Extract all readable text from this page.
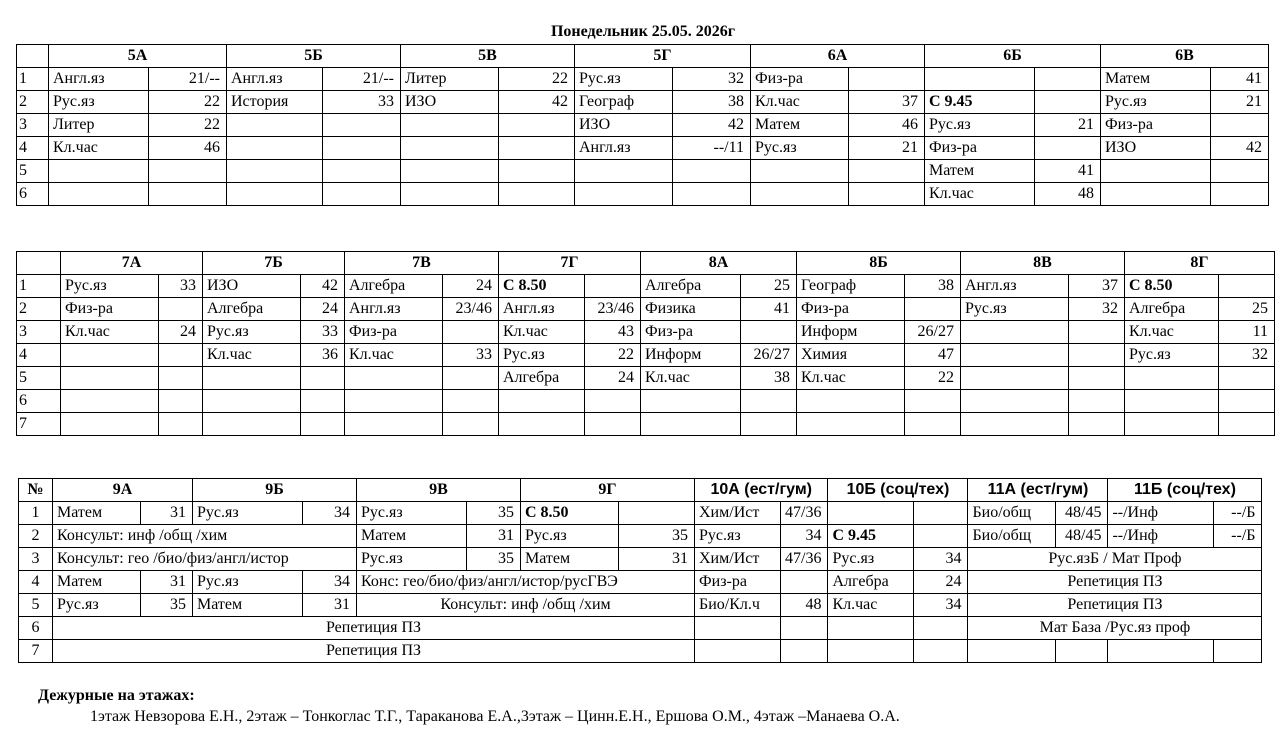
Понедельник 25.05. 2026г
	5А		5Б		5В		5Г		6А		6Б		6В	
1	Англ.яз	21/--	Англ.яз	21/--	Литер	22	Рус.яз	32	Физ-ра				Матем	41
2	Рус.яз	22	История	33	ИЗО	42	Географ	38	Кл.час	37	С 9.45		Рус.яз	21
3	Литер	22					ИЗО	42	Матем	46	Рус.яз	21	Физ-ра	
4	Кл.час	46					Англ.яз	--/11	Рус.яз	21	Физ-ра		ИЗО	42
5											Матем	41		
6											Кл.час	48		
	7А		7Б		7В		7Г		8А		8Б		8В		8Г	
1	Рус.яз	33	ИЗО	42	Алгебра	24	С 8.50		Алгебра	25	Географ	38	Англ.яз	37	С 8.50	
2	Физ-ра		Алгебра	24	Англ.яз	23/46	Англ.яз	23/46	Физика	41	Физ-ра		Рус.яз	32	Алгебра	25
3	Кл.час	24	Рус.яз	33	Физ-ра		Кл.час	43	Физ-ра		Информ	26/27			Кл.час	11
4			Кл.час	36	Кл.час	33	Рус.яз	22	Информ	26/27	Химия	47			Рус.яз	32
5							Алгебра	24	Кл.час	38	Кл.час	22				
6																
7																
№	9А		9Б		9В		9Г		10А (ест/гум)		10Б (соц/тех)		11А (ест/гум)		11Б (соц/тех)	
1	Матем	31	Рус.яз	34	Рус.яз	35	С 8.50		Хим/Ист	47/36			Био/общ	48/45	--/Инф	--/Б
2	Консульт: инф /общ /хим				Матем	31	Рус.яз	35	Рус.яз	34	С 9.45		Био/общ	48/45	--/Инф	--/Б
3	Консульт: гео /био/физ/англ/истор				Рус.яз	35	Матем	31	Хим/Ист	47/36	Рус.яз	34	Рус.язБ / Мат Проф			
4	Матем	31	Рус.яз	34	Конс: гео/био/физ/англ/истор/русГВЭ				Физ-ра		Алгебра	24	Репетиция ПЗ			
5	Рус.яз	35	Матем	31	Консульт: инф /общ /хим				Био/Кл.ч	48	Кл.час	34	Репетиция ПЗ			
6	Репетиция ПЗ												Мат База /Рус.яз проф			
7	Репетиция ПЗ															
Дежурные на этажах:
1этаж Невзорова Е.Н., 2этаж – Тонкоглас Т.Г., Тараканова Е.А.,3этаж – Цинн.Е.Н., Ершова О.М., 4этаж –Манаева О.А.
